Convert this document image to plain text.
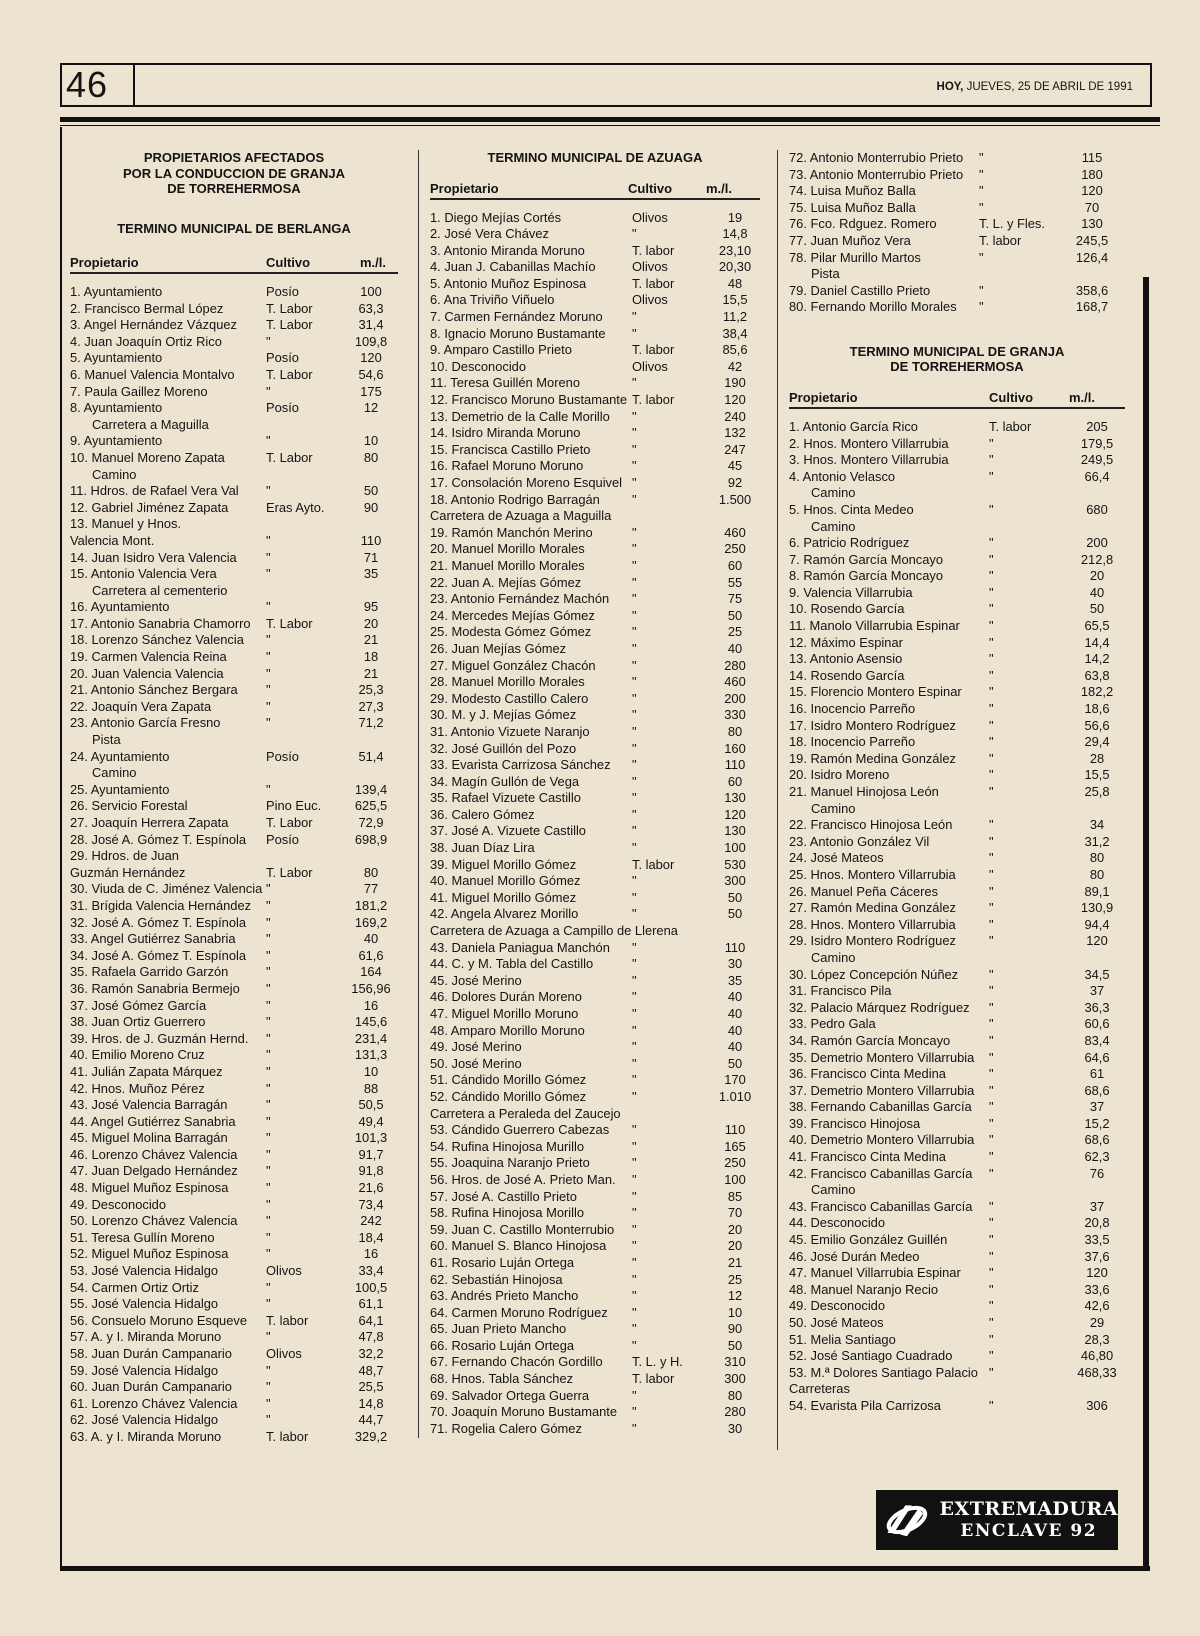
46	HOY, JUEVES, 25 DE ABRIL DE 1991
PROPIETARIOS AFECTADOS
POR LA CONDUCCION DE GRANJA
DE TORREHERMOSA
TERMINO MUNICIPAL DE BERLANGA
Propietario	Cultivo	m./l.
1. Ayuntamiento	Posío	100
2. Francisco Bermal López	T. Labor	63,3
3. Angel Hernández Vázquez	T. Labor	31,4
4. Juan Joaquín Ortiz Rico	"	109,8
5. Ayuntamiento	Posío	120
6. Manuel Valencia Montalvo	T. Labor	54,6
7. Paula Gaillez Moreno	"	175
8. Ayuntamiento	Posío	12
Carretera a Maguilla
9. Ayuntamiento	"	10
10. Manuel Moreno Zapata	T. Labor	80
Camino
11. Hdros. de Rafael Vera Val	"	50
12. Gabriel Jiménez Zapata	Eras Ayto.	90
13. Manuel y Hnos.
Valencia Mont.	"	110
14. Juan Isidro Vera Valencia	"	71
15. Antonio Valencia Vera	"	35
Carretera al cementerio
16. Ayuntamiento	"	95
17. Antonio Sanabria Chamorro	T. Labor	20
18. Lorenzo Sánchez Valencia	"	21
19. Carmen Valencia Reina	"	18
20. Juan Valencia Valencia	"	21
21. Antonio Sánchez Bergara	"	25,3
22. Joaquín Vera Zapata	"	27,3
23. Antonio García Fresno	"	71,2
Pista
24. Ayuntamiento	Posío	51,4
Camino
25. Ayuntamiento	"	139,4
26. Servicio Forestal	Pino Euc.	625,5
27. Joaquín Herrera Zapata	T. Labor	72,9
28. José A. Gómez T. Espínola	Posío	698,9
29. Hdros. de Juan
Guzmán Hernández	T. Labor	80
30. Viuda de C. Jiménez Valencia "	77
31. Brígida Valencia Hernández	"	181,2
32. José A. Gómez T. Espínola	"	169,2
33. Angel Gutiérrez Sanabria	"	40
34. José A. Gómez T. Espínola	"	61,6
35. Rafaela Garrido Garzón	"	164
36. Ramón Sanabria Bermejo	"	156,96
37. José Gómez García	"	16
38. Juan Ortiz Guerrero	"	145,6
39. Hros. de J. Guzmán Hernd.	"	231,4
40. Emilio Moreno Cruz	"	131,3
41. Julián Zapata Márquez	"	10
42. Hnos. Muñoz Pérez	"	88
43. José Valencia Barragán	"	50,5
44. Angel Gutiérrez Sanabria	"	49,4
45. Miguel Molina Barragán	"	101,3
46. Lorenzo Chávez Valencia	"	91,7
47. Juan Delgado Hernández	"	91,8
48. Miguel Muñoz Espinosa	"	21,6
49. Desconocido	"	73,4
50. Lorenzo Chávez Valencia	"	242
51. Teresa Gullín Moreno	"	18,4
52. Miguel Muñoz Espinosa	"	16
53. José Valencia Hidalgo	Olivos	33,4
54. Carmen Ortiz Ortiz	"	100,5
55. José Valencia Hidalgo	"	61,1
56. Consuelo Moruno Esqueve	T. labor	64,1
57. A. y I. Miranda Moruno	"	47,8
58. Juan Durán Campanario	Olivos	32,2
59. José Valencia Hidalgo	"	48,7
60. Juan Durán Campanario	"	25,5
61. Lorenzo Chávez Valencia	"	14,8
62. José Valencia Hidalgo	"	44,7
63. A. y I. Miranda Moruno	T. labor	329,2
TERMINO MUNICIPAL DE AZUAGA
Propietario	Cultivo	m./l.
1. Diego Mejías Cortés	Olivos	19
2. José Vera Chávez	"	14,8
3. Antonio Miranda Moruno	T. labor	23,10
4. Juan J. Cabanillas Machío	Olivos	20,30
5. Antonio Muñoz Espinosa	T. labor	48
6. Ana Triviño Viñuelo	Olivos	15,5
7. Carmen Fernández Moruno	"	11,2
8. Ignacio Moruno Bustamante	"	38,4
9. Amparo Castillo Prieto	T. labor	85,6
10. Desconocido	Olivos	42
11. Teresa Guillén Moreno	"	190
12. Francisco Moruno Bustamante T. labor	120
13. Demetrio de la Calle Morillo	"	240
14. Isidro Miranda Moruno	"	132
15. Francisca Castillo Prieto	"	247
16. Rafael Moruno Moruno	"	45
17. Consolación Moreno Esquivel "	92
18. Antonio Rodrigo Barragán	"	1.500
Carretera de Azuaga a Maguilla
19. Ramón Manchón Merino	"	460
20. Manuel Morillo Morales	"	250
21. Manuel Morillo Morales	"	60
22. Juan A. Mejías Gómez	"	55
23. Antonio Fernández Machón	"	75
24. Mercedes Mejías Gómez	"	50
25. Modesta Gómez Gómez	"	25
26. Juan Mejías Gómez	"	40
27. Miguel González Chacón	"	280
28. Manuel Morillo Morales	"	460
29. Modesto Castillo Calero	"	200
30. M. y J. Mejías Gómez	"	330
31. Antonio Vizuete Naranjo	"	80
32. José Guillón del Pozo	"	160
33. Evarista Carrizosa Sánchez	"	110
34. Magín Gullón de Vega	"	60
35. Rafael Vizuete Castillo	"	130
36. Calero Gómez	"	120
37. José A. Vizuete Castillo	"	130
38. Juan Díaz Lira	"	100
39. Miguel Morillo Gómez	T. labor	530
40. Manuel Morillo Gómez	"	300
41. Miguel Morillo Gómez	"	50
42. Angela Alvarez Morillo	"	50
Carretera de Azuaga a Campillo de Llerena
43. Daniela Paniagua Manchón	"	110
44. C. y M. Tabla del Castillo	"	30
45. José Merino	"	35
46. Dolores Durán Moreno	"	40
47. Miguel Morillo Moruno	"	40
48. Amparo Morillo Moruno	"	40
49. José Merino	"	40
50. José Merino	"	50
51. Cándido Morillo Gómez	"	170
52. Cándido Morillo Gómez	"	1.010
Carretera a Peraleda del Zaucejo
53. Cándido Guerrero Cabezas	"	110
54. Rufina Hinojosa Murillo	"	165
55. Joaquina Naranjo Prieto	"	250
56. Hros. de José A. Prieto Man.	"	100
57. José A. Castillo Prieto	"	85
58. Rufina Hinojosa Morillo	"	70
59. Juan C. Castillo Monterrubio	"	20
60. Manuel S. Blanco Hinojosa	"	20
61. Rosario Luján Ortega	"	21
62. Sebastián Hinojosa	"	25
63. Andrés Prieto Mancho	"	12
64. Carmen Moruno Rodríguez	"	10
65. Juan Prieto Mancho	"	90
66. Rosario Luján Ortega	"	50
67. Fernando Chacón Gordillo	T. L. y H.	310
68. Hnos. Tabla Sánchez	T. labor	300
69. Salvador Ortega Guerra	"	80
70. Joaquín Moruno Bustamante	"	280
71. Rogelia Calero Gómez	"	30
72. Antonio Monterrubio Prieto	"	115
73. Antonio Monterrubio Prieto	"	180
74. Luisa Muñoz Balla	"	120
75. Luisa Muñoz Balla	"	70
76. Fco. Rdguez. Romero	T. L. y Fles.	130
77. Juan Muñoz Vera	T. labor	245,5
78. Pilar Murillo Martos	"	126,4
Pista
79. Daniel Castillo Prieto	"	358,6
80. Fernando Morillo Morales	"	168,7
TERMINO MUNICIPAL DE GRANJA
DE TORREHERMOSA
Propietario	Cultivo	m./l.
1. Antonio García Rico	T. labor	205
2. Hnos. Montero Villarrubia	"	179,5
3. Hnos. Montero Villarrubia	"	249,5
4. Antonio Velasco	"	66,4
Camino
5. Hnos. Cinta Medeo	"	680
Camino
6. Patricio Rodríguez	"	200
7. Ramón García Moncayo	"	212,8
8. Ramón García Moncayo	"	20
9. Valencia Villarrubia	"	40
10. Rosendo García	"	50
11. Manolo Villarrubia Espinar	"	65,5
12. Máximo Espinar	"	14,4
13. Antonio Asensio	"	14,2
14. Rosendo García	"	63,8
15. Florencio Montero Espinar	"	182,2
16. Inocencio Parreño	"	18,6
17. Isidro Montero Rodríguez	"	56,6
18. Inocencio Parreño	"	29,4
19. Ramón Medina González	"	28
20. Isidro Moreno	"	15,5
21. Manuel Hinojosa León	"	25,8
Camino
22. Francisco Hinojosa León	"	34
23. Antonio González Vil	"	31,2
24. José Mateos	"	80
25. Hnos. Montero Villarrubia	"	80
26. Manuel Peña Cáceres	"	89,1
27. Ramón Medina González	"	130,9
28. Hnos. Montero Villarrubia	"	94,4
29. Isidro Montero Rodríguez	"	120
Camino
30. López Concepción Núñez	"	34,5
31. Francisco Pila	"	37
32. Palacio Márquez Rodríguez	"	36,3
33. Pedro Gala	"	60,6
34. Ramón García Moncayo	"	83,4
35. Demetrio Montero Villarrubia	"	64,6
36. Francisco Cinta Medina	"	61
37. Demetrio Montero Villarrubia	"	68,6
38. Fernando Cabanillas García	"	37
39. Francisco Hinojosa	"	15,2
40. Demetrio Montero Villarrubia	"	68,6
41. Francisco Cinta Medina	"	62,3
42. Francisco Cabanillas García	"	76
Camino
43. Francisco Cabanillas García	"	37
44. Desconocido	"	20,8
45. Emilio González Guillén	"	33,5
46. José Durán Medeo	"	37,6
47. Manuel Villarrubia Espinar	"	120
48. Manuel Naranjo Recio	"	33,6
49. Desconocido	"	42,6
50. José Mateos	"	29
51. Melia Santiago	"	28,3
52. José Santiago Cuadrado	"	46,80
53. M.ª Dolores Santiago Palacio "	468,33
Carreteras
54. Evarista Pila Carrizosa	"	306
EXTREMADURA
ENCLAVE 92
